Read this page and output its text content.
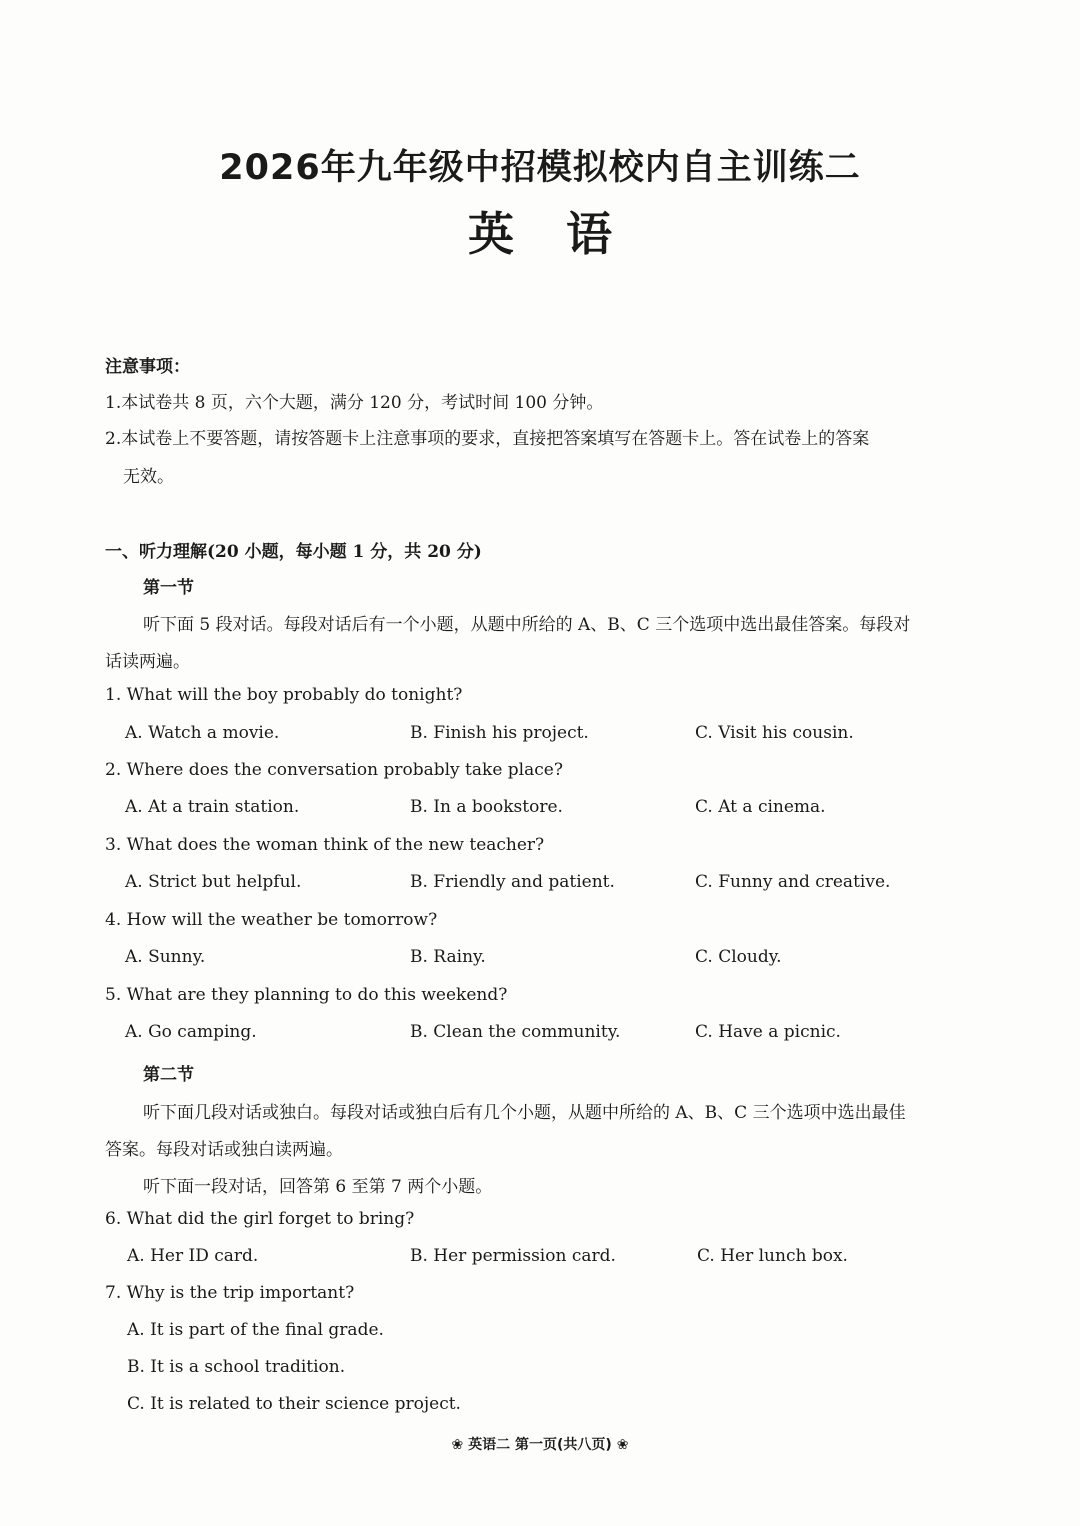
2026年九年级中招模拟校内自主训练二
英语
注意事项：
1.本试卷共 8 页，六个大题，满分 120 分，考试时间 100 分钟。
2.本试卷上不要答题，请按答题卡上注意事项的要求，直接把答案填写在答题卡上。答在试卷上的答案
无效。
一、听力理解(20 小题，每小题 1 分，共 20 分)
第一节
听下面 5 段对话。每段对话后有一个小题，从题中所给的 A、B、C 三个选项中选出最佳答案。每段对
话读两遍。
1. What will the boy probably do tonight?
A. Watch a movie.	B. Finish his project.	C. Visit his cousin.
2. Where does the conversation probably take place?
A. At a train station.	B. In a bookstore.	C. At a cinema.
3. What does the woman think of the new teacher?
A. Strict but helpful.	B. Friendly and patient.	C. Funny and creative.
4. How will the weather be tomorrow?
A. Sunny.	B. Rainy.	C. Cloudy.
5. What are they planning to do this weekend?
A. Go camping.	B. Clean the community.	C. Have a picnic.
第二节
听下面几段对话或独白。每段对话或独白后有几个小题，从题中所给的 A、B、C 三个选项中选出最佳
答案。每段对话或独白读两遍。
听下面一段对话，回答第 6 至第 7 两个小题。
6. What did the girl forget to bring?
A. Her ID card.	B. Her permission card.	C. Her lunch box.
7. Why is the trip important?
A. It is part of the final grade.
B. It is a school tradition.
C. It is related to their science project.
❀ 英语二 第一页(共八页) ❀
